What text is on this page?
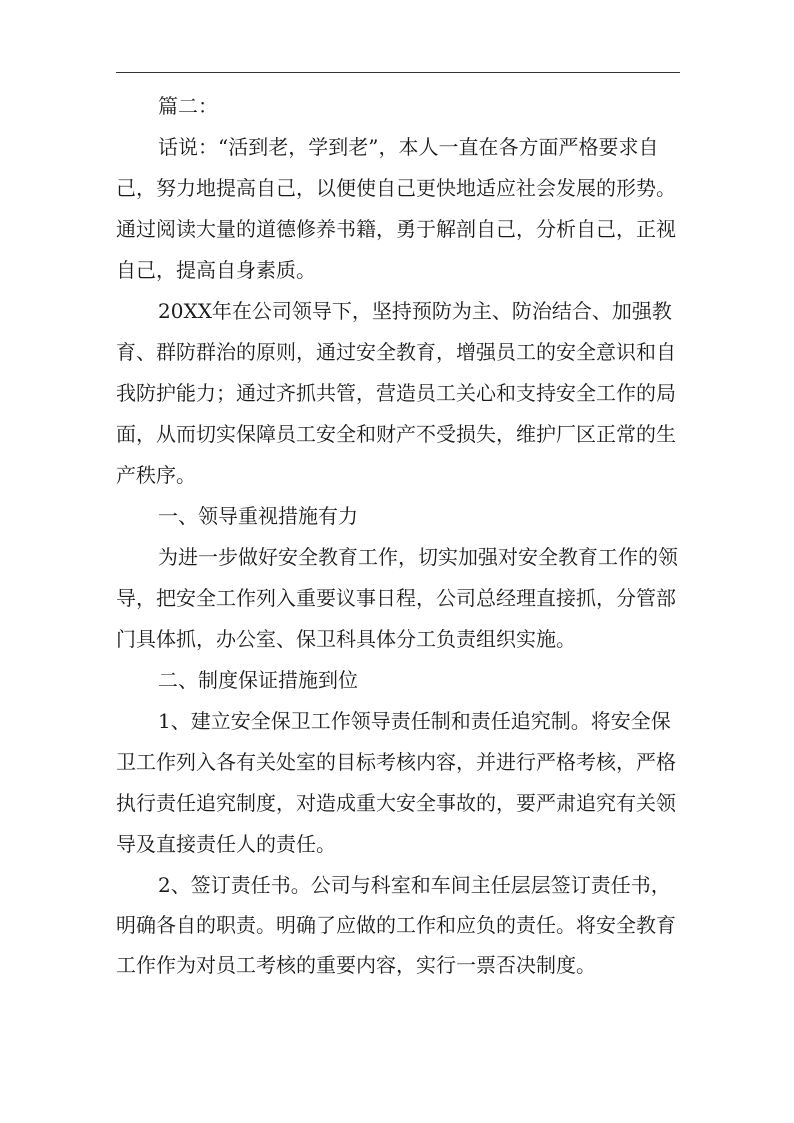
篇二：

话说：“活到老，学到老”，本人一直在各方面严格要求自己，努力地提高自己，以便使自己更快地适应社会发展的形势。通过阅读大量的道德修养书籍，勇于解剖自己，分析自己，正视自己，提高自身素质。

20XX年在公司领导下，坚持预防为主、防治结合、加强教育、群防群治的原则，通过安全教育，增强员工的安全意识和自我防护能力；通过齐抓共管，营造员工关心和支持安全工作的局面，从而切实保障员工安全和财产不受损失，维护厂区正常的生产秩序。

一、领导重视措施有力

为进一步做好安全教育工作，切实加强对安全教育工作的领导，把安全工作列入重要议事日程，公司总经理直接抓，分管部门具体抓，办公室、保卫科具体分工负责组织实施。

二、制度保证措施到位

1、建立安全保卫工作领导责任制和责任追究制。将安全保卫工作列入各有关处室的目标考核内容，并进行严格考核，严格执行责任追究制度，对造成重大安全事故的，要严肃追究有关领导及直接责任人的责任。

2、签订责任书。公司与科室和车间主任层层签订责任书，明确各自的职责。明确了应做的工作和应负的责任。将安全教育工作作为对员工考核的重要内容，实行一票否决制度。
